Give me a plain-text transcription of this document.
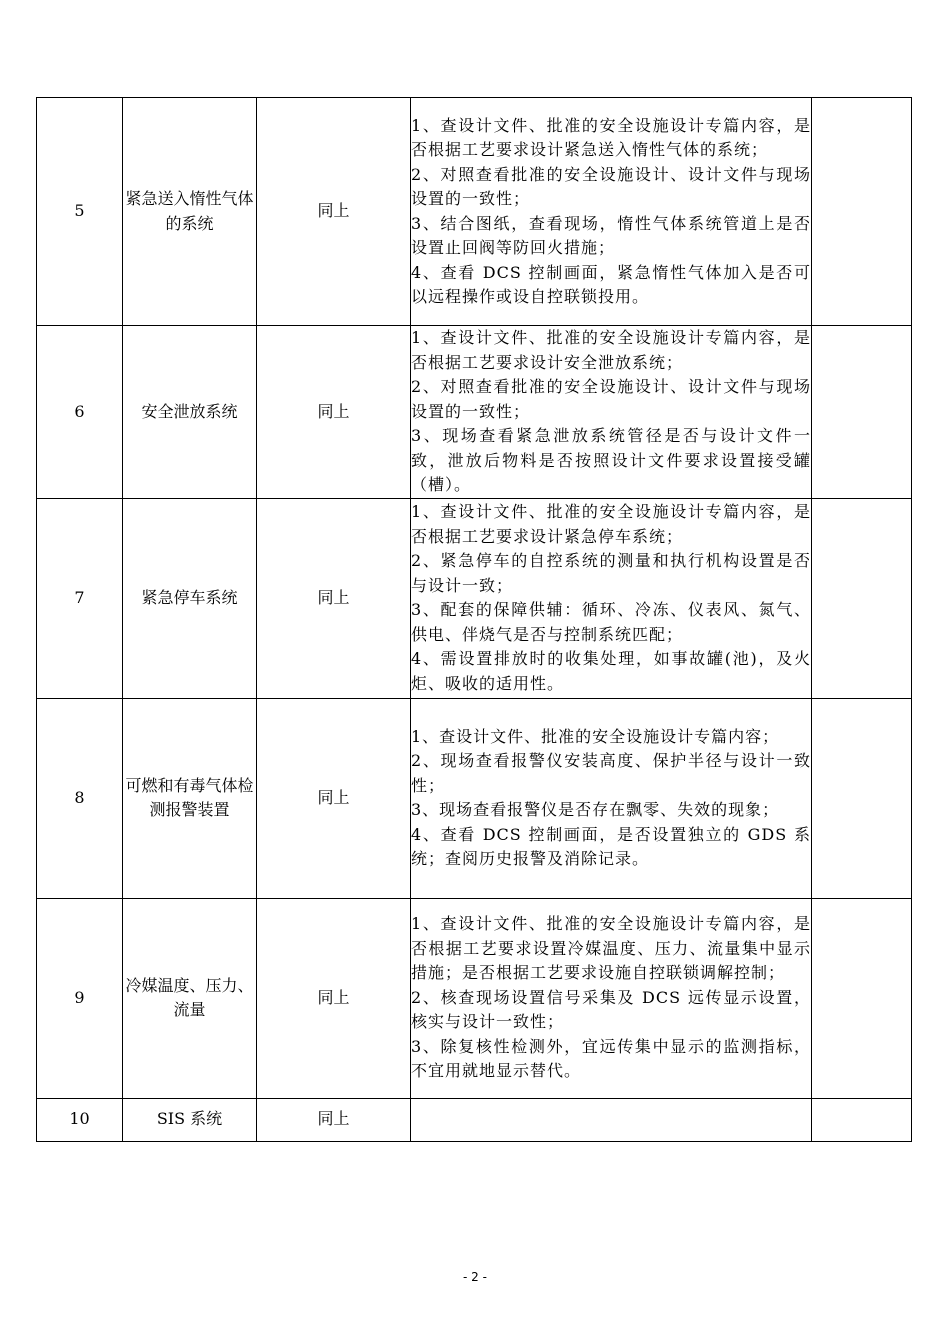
5	紧急送入惰性气体的系统	同上	1、查设计文件、批准的安全设施设计专篇内容，是否根据工艺要求设计紧急送入惰性气体的系统；
2、对照查看批准的安全设施设计、设计文件与现场设置的一致性；
3、结合图纸，查看现场，惰性气体系统管道上是否设置止回阀等防回火措施；
4、查看 DCS 控制画面，紧急惰性气体加入是否可以远程操作或设自控联锁投用。	

6	安全泄放系统	同上	1、查设计文件、批准的安全设施设计专篇内容，是否根据工艺要求设计安全泄放系统；
2、对照查看批准的安全设施设计、设计文件与现场设置的一致性；
3、现场查看紧急泄放系统管径是否与设计文件一致，泄放后物料是否按照设计文件要求设置接受罐（槽）。	

7	紧急停车系统	同上	1、查设计文件、批准的安全设施设计专篇内容，是否根据工艺要求设计紧急停车系统；
2、紧急停车的自控系统的测量和执行机构设置是否与设计一致；
3、配套的保障供辅：循环、冷冻、仪表风、氮气、供电、伴烧气是否与控制系统匹配；
4、需设置排放时的收集处理，如事故罐(池)，及火炬、吸收的适用性。	

8	可燃和有毒气体检测报警装置	同上	1、查设计文件、批准的安全设施设计专篇内容；
2、现场查看报警仪安装高度、保护半径与设计一致性；
3、现场查看报警仪是否存在飘零、失效的现象；
4、查看 DCS 控制画面，是否设置独立的 GDS 系统；查阅历史报警及消除记录。	

9	冷媒温度、压力、流量	同上	1、查设计文件、批准的安全设施设计专篇内容，是否根据工艺要求设置冷媒温度、压力、流量集中显示措施；是否根据工艺要求设施自控联锁调解控制；
2、核查现场设置信号采集及 DCS 远传显示设置，核实与设计一致性；
3、除复核性检测外，宜远传集中显示的监测指标，不宜用就地显示替代。	

10	SIS 系统	同上		
- 2 -
